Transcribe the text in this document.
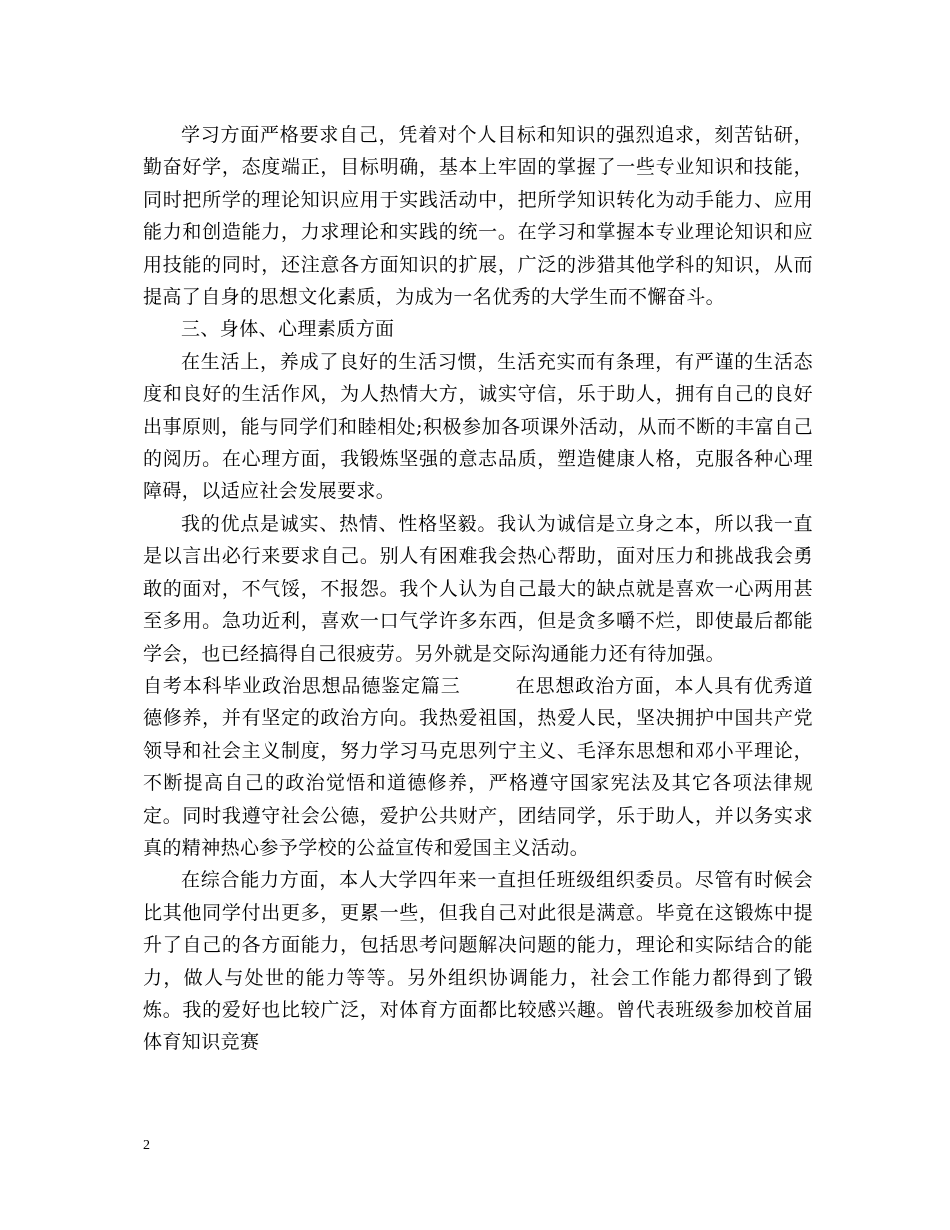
学习方面严格要求自己，凭着对个人目标和知识的强烈追求，刻苦钻研，勤奋好学，态度端正，目标明确，基本上牢固的掌握了一些专业知识和技能，同时把所学的理论知识应用于实践活动中，把所学知识转化为动手能力、应用能力和创造能力，力求理论和实践的统一。在学习和掌握本专业理论知识和应用技能的同时，还注意各方面知识的扩展，广泛的涉猎其他学科的知识，从而提高了自身的思想文化素质，为成为一名优秀的大学生而不懈奋斗。

三、身体、心理素质方面

在生活上，养成了良好的生活习惯，生活充实而有条理，有严谨的生活态度和良好的生活作风，为人热情大方，诚实守信，乐于助人，拥有自己的良好出事原则，能与同学们和睦相处;积极参加各项课外活动，从而不断的丰富自己的阅历。在心理方面，我锻炼坚强的意志品质，塑造健康人格，克服各种心理障碍，以适应社会发展要求。

我的优点是诚实、热情、性格坚毅。我认为诚信是立身之本，所以我一直是以言出必行来要求自己。别人有困难我会热心帮助，面对压力和挑战我会勇敢的面对，不气馁，不报怨。我个人认为自己最大的缺点就是喜欢一心两用甚至多用。急功近利，喜欢一口气学许多东西，但是贪多嚼不烂，即使最后都能学会，也已经搞得自己很疲劳。另外就是交际沟通能力还有待加强。

自考本科毕业政治思想品德鉴定篇三	在思想政治方面，本人具有优秀道德修养，并有坚定的政治方向。我热爱祖国，热爱人民，坚决拥护中国共产党领导和社会主义制度，努力学习马克思列宁主义、毛泽东思想和邓小平理论，不断提高自己的政治觉悟和道德修养，严格遵守国家宪法及其它各项法律规定。同时我遵守社会公德，爱护公共财产，团结同学，乐于助人，并以务实求真的精神热心参予学校的公益宣传和爱国主义活动。

在综合能力方面，本人大学四年来一直担任班级组织委员。尽管有时候会比其他同学付出更多，更累一些，但我自己对此很是满意。毕竟在这锻炼中提升了自己的各方面能力，包括思考问题解决问题的能力，理论和实际结合的能力，做人与处世的能力等等。另外组织协调能力，社会工作能力都得到了锻炼。我的爱好也比较广泛，对体育方面都比较感兴趣。曾代表班级参加校首届体育知识竞赛

2
